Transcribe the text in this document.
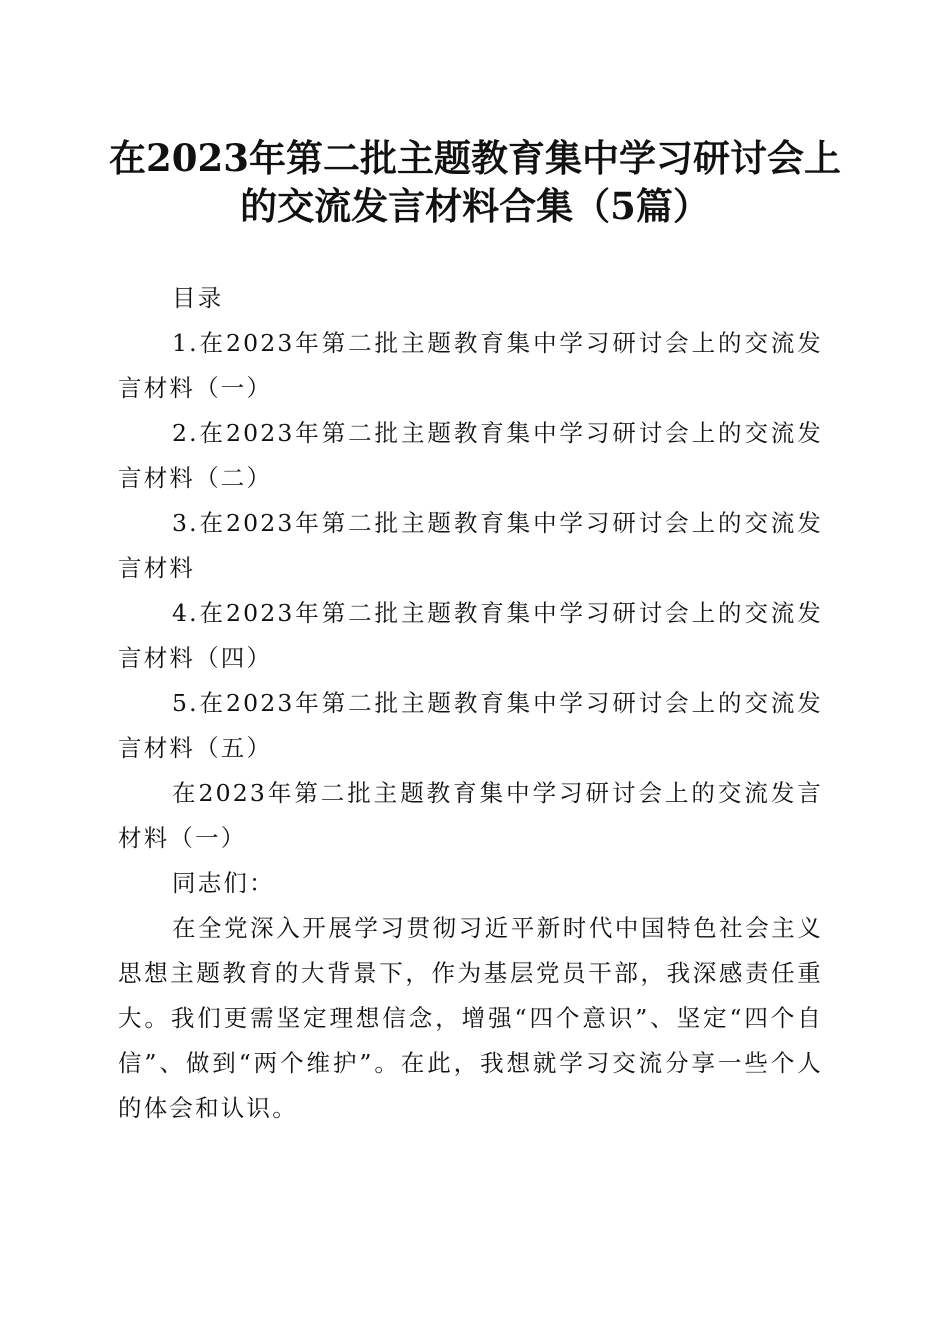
在2023年第二批主题教育集中学习研讨会上
的交流发言材料合集（5篇）
目录

1.在2023年第二批主题教育集中学习研讨会上的交流发言材料（一）

2.在2023年第二批主题教育集中学习研讨会上的交流发言材料（二）

3.在2023年第二批主题教育集中学习研讨会上的交流发言材料

4.在2023年第二批主题教育集中学习研讨会上的交流发言材料（四）

5.在2023年第二批主题教育集中学习研讨会上的交流发言材料（五）

在2023年第二批主题教育集中学习研讨会上的交流发言材料（一）

同志们：

在全党深入开展学习贯彻习近平新时代中国特色社会主义思想主题教育的大背景下，作为基层党员干部，我深感责任重大。我们更需坚定理想信念，增强“四个意识”、坚定“四个自信”、做到“两个维护”。在此，我想就学习交流分享一些个人的体会和认识。
